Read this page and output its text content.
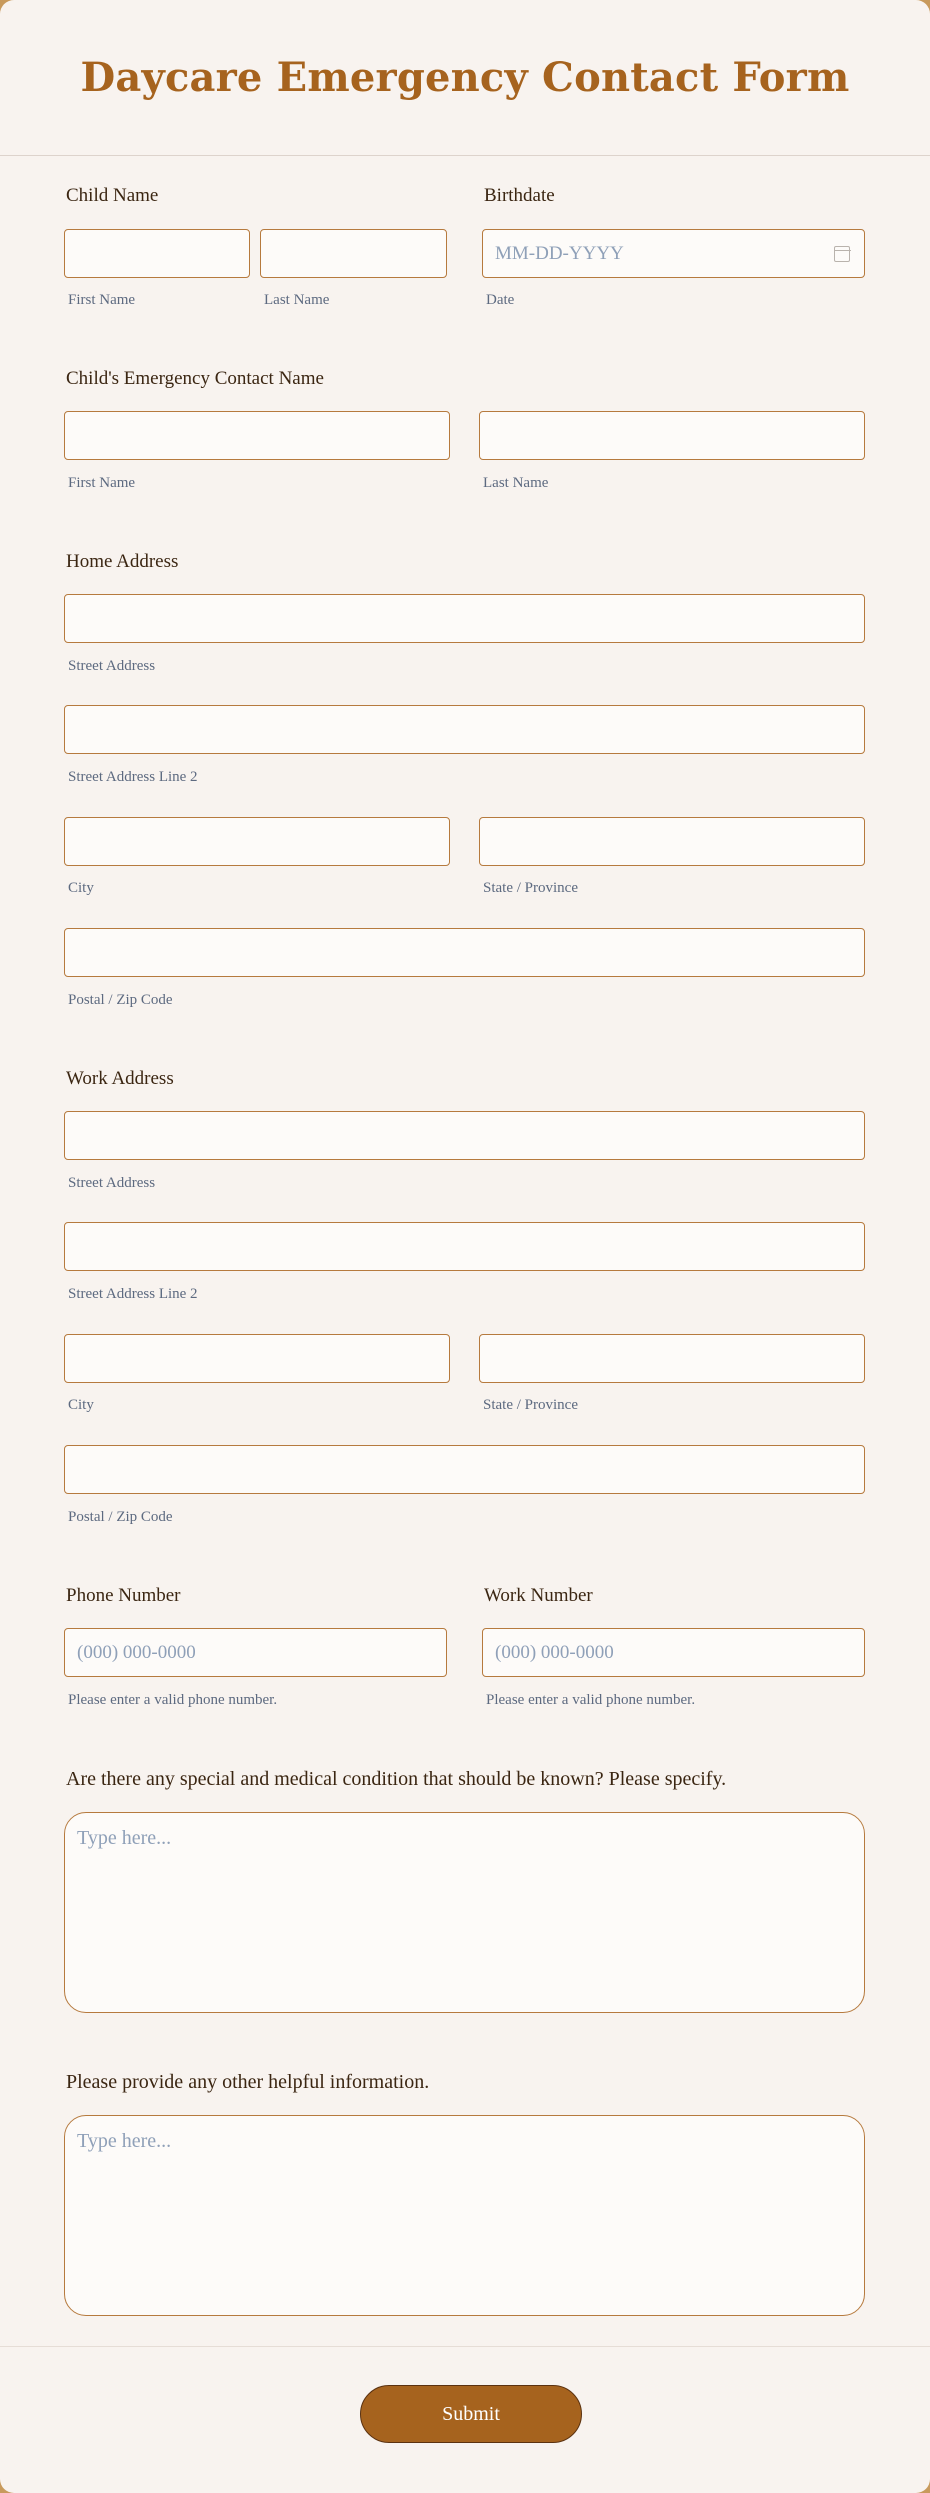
Daycare Emergency Contact Form
Child Name
First Name	Last Name
Birthdate
MM-DD-YYYY
Date
Child's Emergency Contact Name
First Name	Last Name
Home Address
Street Address
Street Address Line 2
City	State / Province
Postal / Zip Code
Work Address
Street Address
Street Address Line 2
City	State / Province
Postal / Zip Code
Phone Number
(000) 000-0000
Please enter a valid phone number.
Work Number
(000) 000-0000
Please enter a valid phone number.
Are there any special and medical condition that should be known? Please specify.
Type here...
Please provide any other helpful information.
Type here...
Submit
